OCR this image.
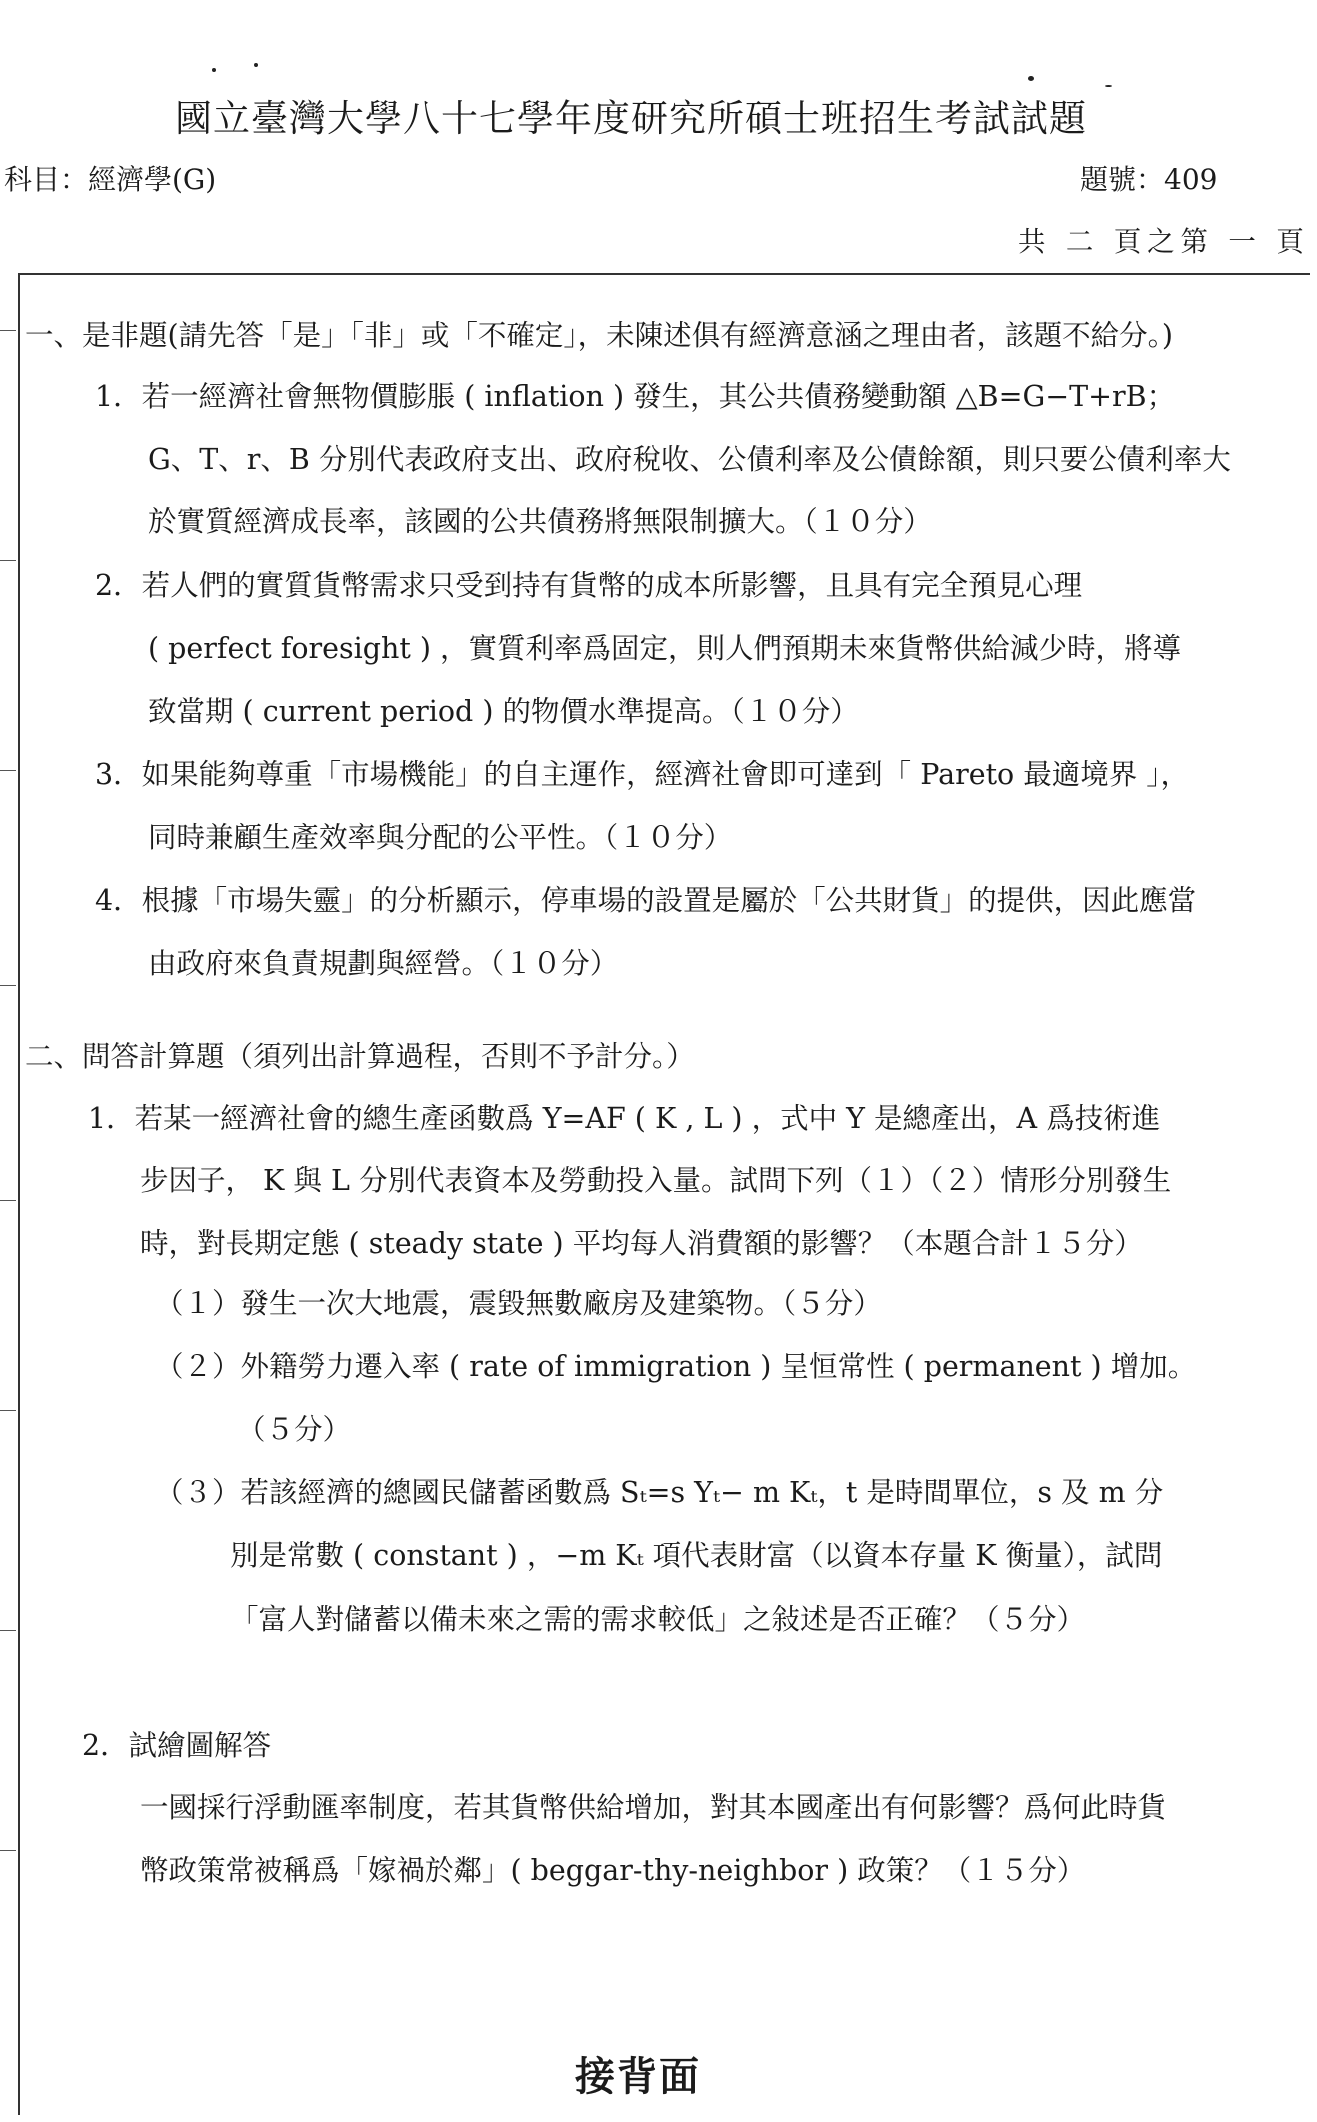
國立臺灣大學八十七學年度研究所碩士班招生考試試題
科目：經濟學(G)	題號：409
共 二 頁之第 一 頁
一、是非題(請先答「是」「非」或「不確定」，未陳述俱有經濟意涵之理由者，該題不給分。)
1．若一經濟社會無物價膨脹 ( inflation ) 發生，其公共債務變動額 △B=G−T+rB；
G、T、r、B 分別代表政府支出、政府稅收、公債利率及公債餘額，則只要公債利率大
於實質經濟成長率，該國的公共債務將無限制擴大。（１０分）
2．若人們的實質貨幣需求只受到持有貨幣的成本所影響，且具有完全預見心理
( perfect foresight ) ，實質利率爲固定，則人們預期未來貨幣供給減少時，將導
致當期 ( current period ) 的物價水準提高。（１０分）
3．如果能夠尊重「市場機能」的自主運作，經濟社會即可達到「 Pareto 最適境界 」，
同時兼顧生產效率與分配的公平性。（１０分）
4．根據「市場失靈」的分析顯示，停車場的設置是屬於「公共財貨」的提供，因此應當
由政府來負責規劃與經營。（１０分）
二、問答計算題（須列出計算過程，否則不予計分。）
1．若某一經濟社會的總生產函數爲 Y=AF ( K , L ) ，式中 Y 是總產出，A 爲技術進
步因子， K 與 L 分別代表資本及勞動投入量。試問下列（１）（２）情形分別發生
時，對長期定態 ( steady state ) 平均每人消費額的影響？（本題合計１５分）
（１）發生一次大地震，震毀無數廠房及建築物。（５分）
（２）外籍勞力遷入率 ( rate of immigration ) 呈恒常性 ( permanent ) 增加。
（５分）
（３）若該經濟的總國民儲蓄函數爲 Sₜ=s Yₜ− m Kₜ，t 是時間單位，s 及 m 分
別是常數 ( constant ) ，−m Kₜ 項代表財富（以資本存量 K 衡量），試問
「富人對儲蓄以備未來之需的需求較低」之敍述是否正確？（５分）
2．試繪圖解答
一國採行浮動匯率制度，若其貨幣供給增加，對其本國產出有何影響？爲何此時貨
幣政策常被稱爲「嫁禍於鄰」( beggar-thy-neighbor ) 政策？（１５分）
接背面
